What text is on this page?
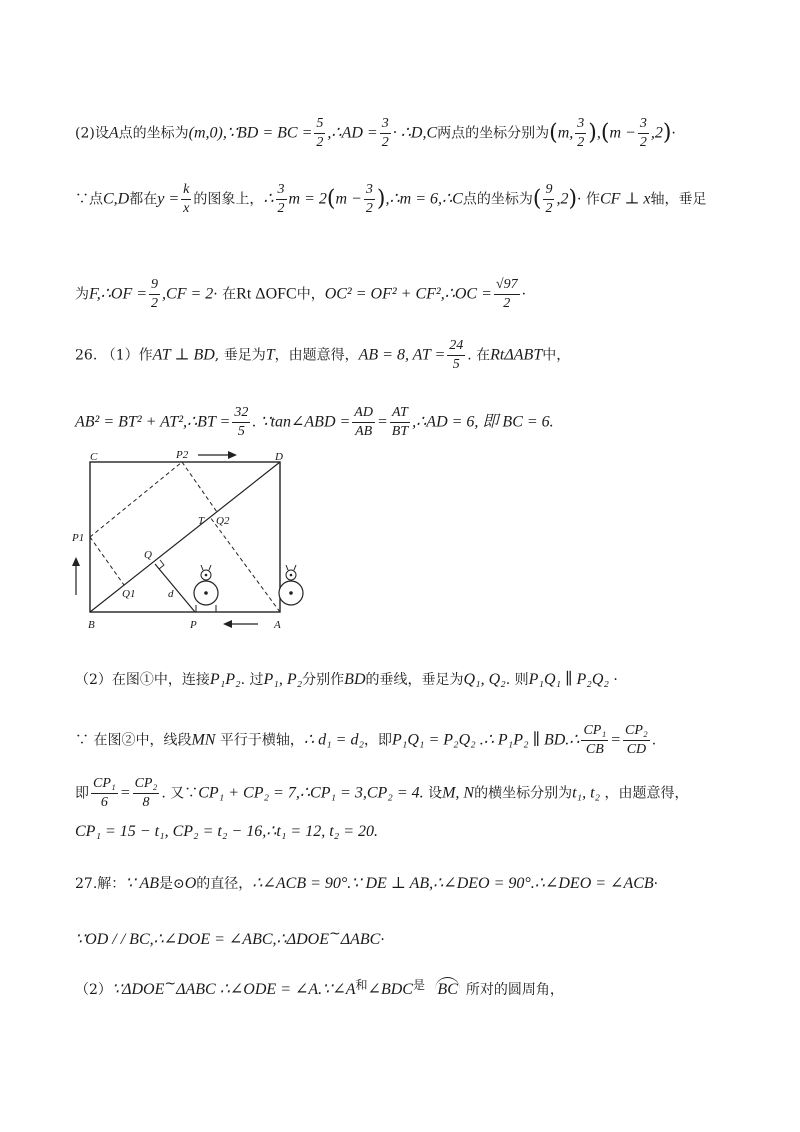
(2)设A点的坐标为(m,0),∵BD = BC = $\frac{5}{2}$ ,∴AD = $\frac{3}{2}$ · ∴D,C两点的坐标分别为(m, $\frac{3}{2} ),(m - \frac{3}{2} ,2)\cdot$
∵点C,D都在$y = \frac{k}{x}$ 的图象上，∴ $\frac{3}{2}$ $m = 2(m - \frac{3}{2}$ ),∴m = 6,∴C点的坐标为( $\frac{9}{2} ,2)\cdot$ 作CF ⊥ x轴，垂足
为F,∴OF = $\frac{9}{2} ,CF = 2\cdot$ 在Rt ΔOFC中，OC² = OF² + CF²,∴OC = $\frac{√97}{2}$ ·
26. （1）作AT ⊥ BD, 垂足为T，由题意得，AB = 8, AT = $\frac{24}{5}$ . 在RtΔABT中，
AB² = BT² + AT²,∴BT = $\frac{32}{5}$ . ∵tan∠ABD = $\frac{AD}{AB} = \frac{AT}{BT}$ ,∴AD = 6, 即 BC = 6.
C	P2	D
T Q2
P1
Q
Q1	d
B	P	A
（2）在图①中，连接P₁P₂. 过P₁, P₂分别作BD的垂线，垂足为Q₁, Q₂. 则P₁Q₁ ∥ P₂Q₂ ·
∵ 在图②中，线段MN 平行于横轴，∴ d₁ = d₂，即P₁Q₁ = P₂Q₂ .∴ P₁P₂ ∥ BD.∴ $\frac{\text{CP₁}}{CB} = \frac{\text{CP₂}}{CD}$ .
即 $\frac{\text{CP₁}}{6} = \frac{\text{CP₂}}{8}$ . 又∵CP₁ + CP₂ = 7,∴CP₁ = 3,CP₂ = 4. 设M, N的横坐标分别为t₁, t₂ ，由题意得，
CP₁ = 15 − t₁, CP₂ = t₂ − 16,∴t₁ = 12, t₂ = 20.
27.解：∵ AB是⊙O的直径，∴∠ACB = 90°.∵ DE ⊥ AB,∴∠DEO = 90°.∴∠DEO = ∠ACB·
∵OD / / BC,∴∠DOE = ∠ABC,∴ΔDOE~ΔABC·
（2）∵ΔDOE~ΔABC ∴∠ODE = ∠A.∵∠A和∠BDC是 BC 所对的圆周角，
